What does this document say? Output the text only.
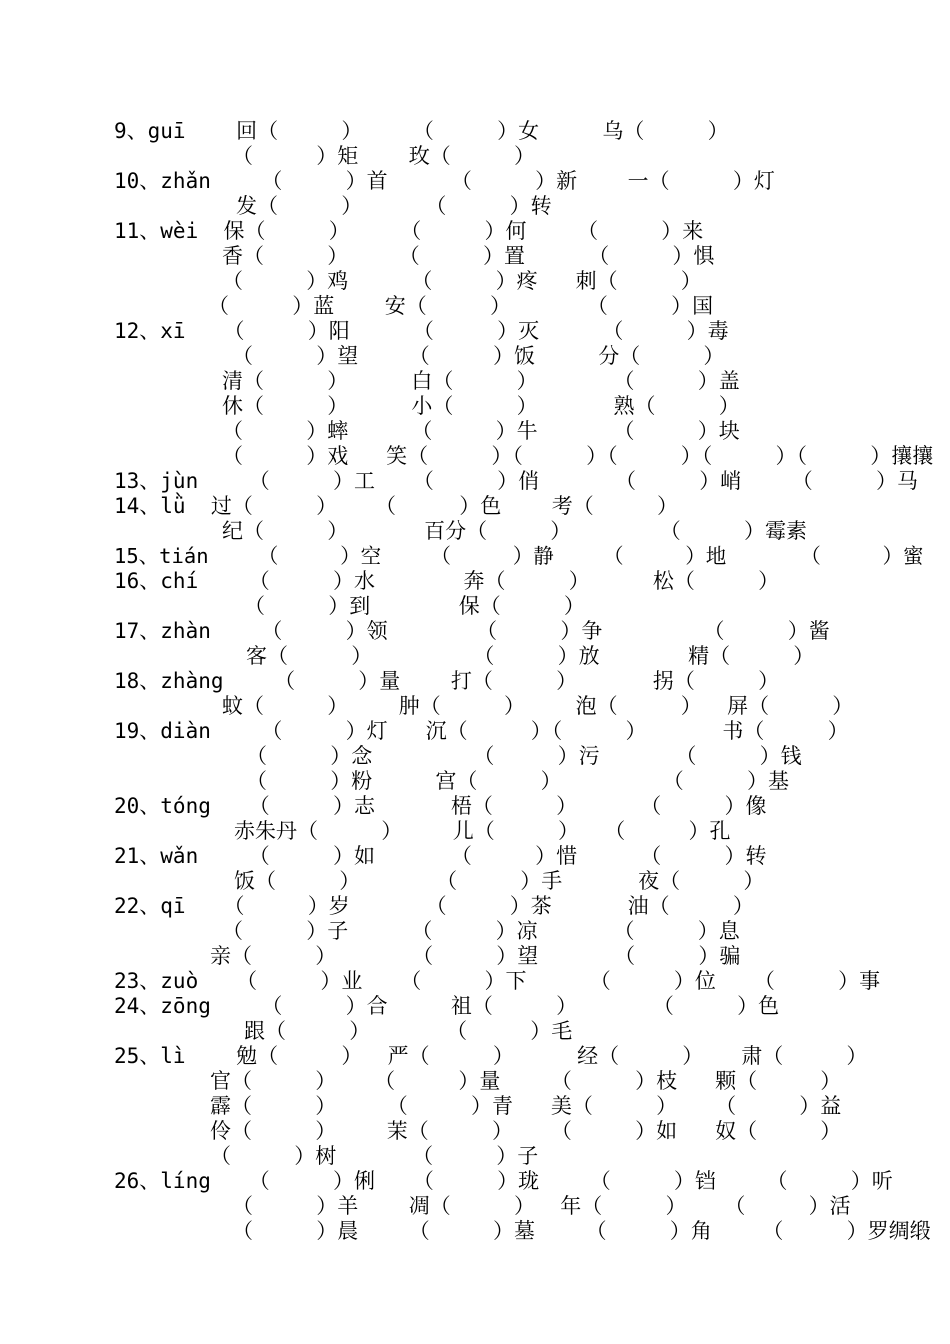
9、guī    回（     ）    （     ）女     乌（     ）
（     ）矩    玫（     ）
10、zhǎn    （     ）首     （     ）新    一（     ）灯
发（     ）     （     ）转
11、wèi  保（     ）    （     ）何    （     ）来
香（     ）    （     ）置     （     ）惧
（     ）鸡     （     ）疼   刺（     ）
（     ）蓝    安（     ）      （     ）国
12、xī   （     ）阳     （     ）灭     （     ）毒
（     ）望    （     ）饭     分（     ）
清（     ）     白（     ）      （     ）盖
休（     ）     小（     ）      熟（     ）
（     ）蟀     （     ）牛      （     ）块
（     ）戏   笑（     ）（     ）（     ）（     ）（     ）攘攘
13、jùn    （     ）工   （     ）俏      （     ）峭    （     ）马
14、lǜ  过（     ）   （     ）色    考（     ）
纪（     ）      百分（     ）       （     ）霉素
15、tián    （     ）空    （     ）静    （     ）地      （     ）蜜
16、chí    （     ）水       奔（     ）     松（     ）
（     ）到       保（     ）
17、zhàn    （     ）领       （     ）争        （     ）酱
客（     ）        （     ）放       精（     ）
18、zhàng    （     ）量    打（     ）      拐（     ）
蚊（     ）    肿（     ）    泡（     ）  屏（     ）
19、diàn    （     ）灯   沉（     ）（     ）      书（     ）
（     ）念        （     ）污      （     ）钱
（     ）粉     宫（     ）        （     ）基
20、tóng   （     ）志      梧（     ）     （     ）像
赤朱丹（     ）    儿（     ）  （     ）孔
21、wǎn    （     ）如      （     ）惜     （     ）转
饭（     ）      （     ）手      夜（     ）
22、qī   （     ）岁      （     ）茶      油（     ）
（     ）子     （     ）凉      （     ）息
亲（     ）      （     ）望      （     ）骗
23、zuò   （     ）业   （     ）下     （     ）位   （     ）事
24、zōng    （     ）合     祖（     ）      （     ）色
跟（     ）      （     ）毛
25、lì    勉（     ）  严（     ）     经（     ）   肃（     ）
官（     ）   （     ）量    （     ）枝   颗（     ）
霹（     ）    （     ）青   美（     ）   （     ）益
伶（     ）    茉（     ）   （     ）如   奴（     ）
（     ）树      （     ）子
26、líng   （     ）俐   （     ）珑    （     ）铛    （     ）听
（     ）羊    凋（     ）  年（     ）   （     ）活
（     ）晨    （     ）墓    （     ）角    （     ）罗绸缎
